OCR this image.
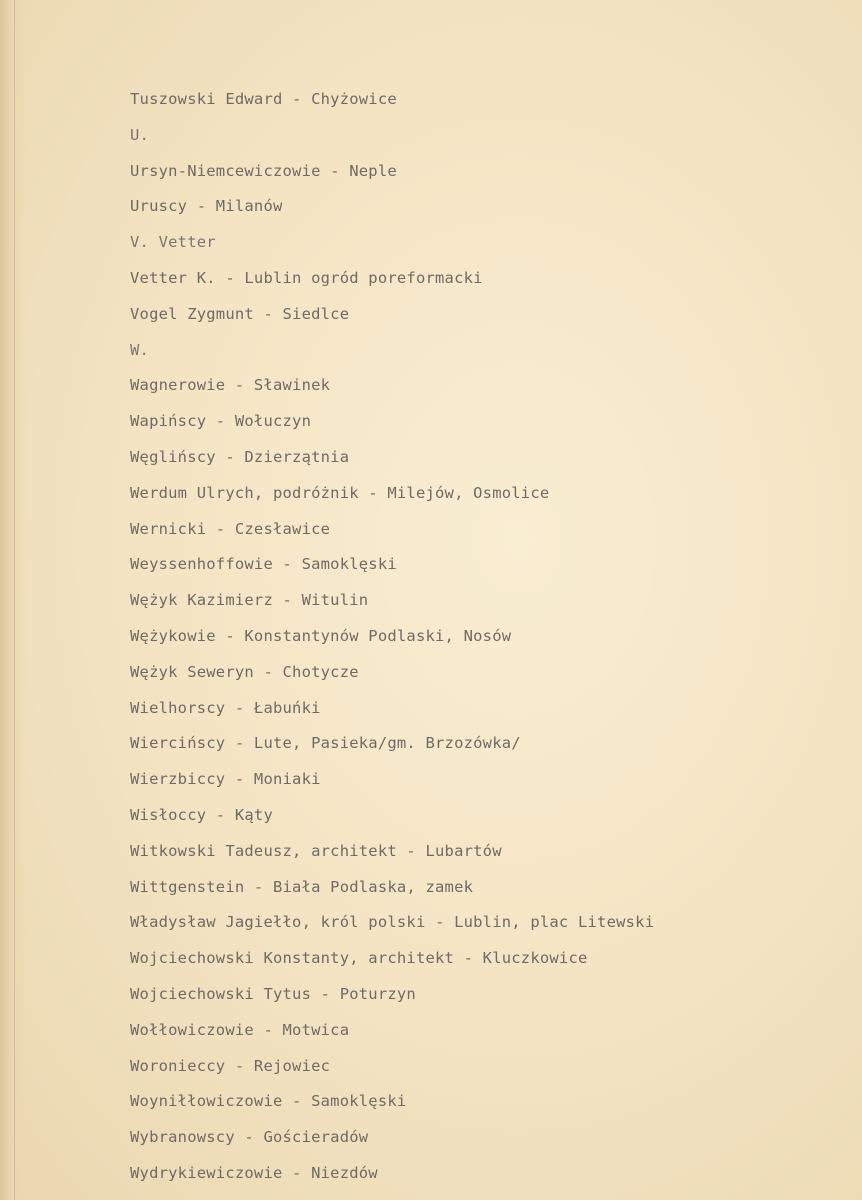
Tuszowski Edward - Chyżowice
U.
Ursyn-Niemcewiczowie - Neple
Uruscy - Milanów
V. Vetter
Vetter K. - Lublin ogród poreformacki
Vogel Zygmunt - Siedlce
W.
Wagnerowie - Sławinek
Wapińscy - Wołuczyn
Węglińscy - Dzierzątnia
Werdum Ulrych, podróżnik - Milejów, Osmolice
Wernicki - Czesławice
Weyssenhoffowie - Samoklęski
Wężyk Kazimierz - Witulin
Wężykowie - Konstantynów Podlaski, Nosów
Wężyk Seweryn - Chotycze
Wielhorscy - Łabuńki
Wiercińscy - Lute, Pasieka/gm. Brzozówka/
Wierzbiccy - Moniaki
Wisłoccy - Kąty
Witkowski Tadeusz, architekt - Lubartów
Wittgenstein - Biała Podlaska, zamek
Władysław Jagiełło, król polski - Lublin, plac Litewski
Wojciechowski Konstanty, architekt - Kluczkowice
Wojciechowski Tytus - Poturzyn
Wołłowiczowie - Motwica
Woronieccy - Rejowiec
Woyniłłowiczowie - Samoklęski
Wybranowscy - Gościeradów
Wydrykiewiczowie - Niezdów
